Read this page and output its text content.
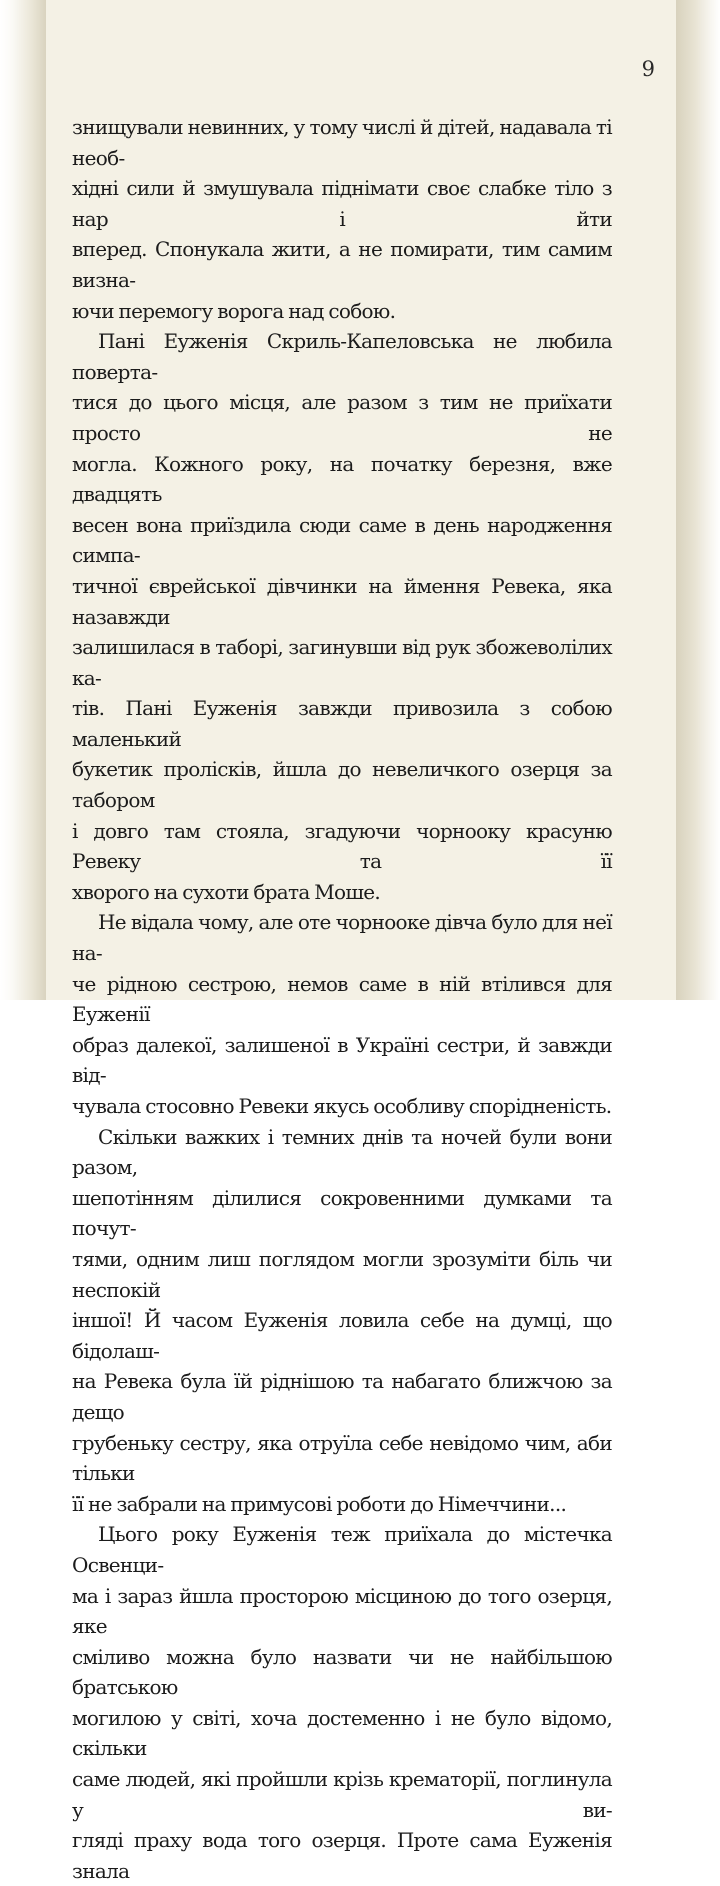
9

знищували невинних, у тому числі й дітей, надавала ті необ-

хідні сили й змушувала піднімати своє слабке тіло з нар і йти

вперед. Спонукала жити, а не помирати, тим самим визна-

ючи перемогу ворога над собою.

Пані Еуженія Скриль-Капеловська не любила поверта-

тися до цього місця, але разом з тим не приїхати просто не

могла. Кожного року, на початку березня, вже двадцять

весен вона приїздила сюди саме в день народження симпа-

тичної єврейської дівчинки на ймення Ревека, яка назавжди

залишилася в таборі, загинувши від рук збожеволілих ка-

тів. Пані Еуженія завжди привозила з собою маленький

букетик пролісків, йшла до невеличкого озерця за табором

і довго там стояла, згадуючи чорнооку красуню Ревеку та її

хворого на сухоти брата Моше.

Не відала чому, але оте чорнооке дівча було для неї на-

че рідною сестрою, немов саме в ній втілився для Еуженії

образ далекої, залишеної в Україні сестри, й завжди від-

чувала стосовно Ревеки якусь особливу спорідненість.

Скільки важких і темних днів та ночей були вони разом,

шепотінням ділилися сокровенними думками та почут-

тями, одним лиш поглядом могли зрозуміти біль чи неспокій

іншої! Й часом Еуженія ловила себе на думці, що бідолаш-

на Ревека була їй ріднішою та набагато ближчою за дещо

грубеньку сестру, яка отруїла себе невідомо чим, аби тільки

її не забрали на примусові роботи до Німеччини...

Цього року Еуженія теж приїхала до містечка Освенци-

ма і зараз йшла просторою місциною до того озерця, яке

сміливо можна було назвати чи не найбільшою братською

могилою у світі, хоча достеменно і не було відомо, скільки

саме людей, які пройшли крізь крематорії, поглинула у ви-

гляді праху вода того озерця. Проте сама Еуженія знала
